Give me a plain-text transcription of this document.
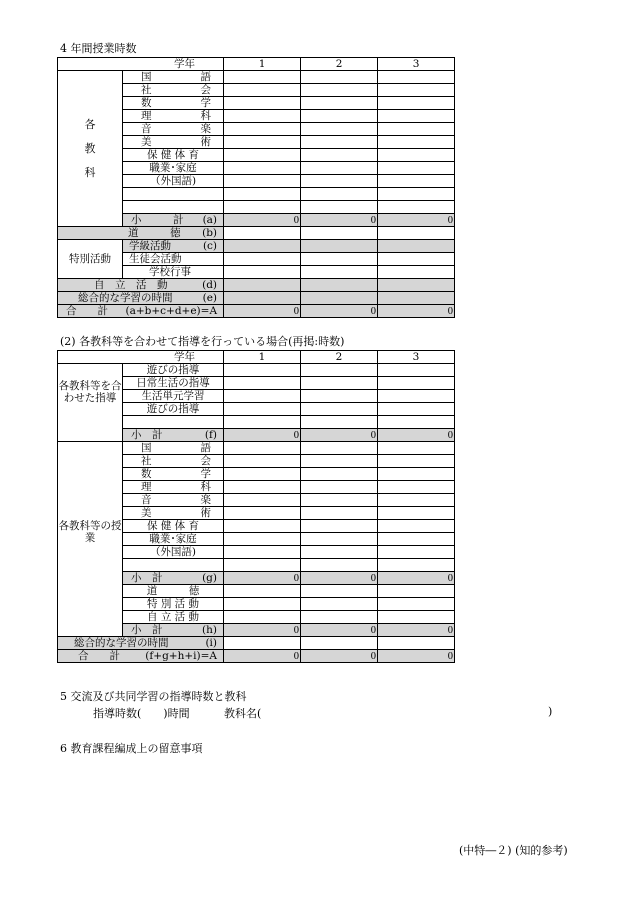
4 年間授業時数
学年		1	2	3

各
教
科	国　　語			
	社　　会			
	数　　学			
	理　　科			
	音　　楽			
	美　　術			
	保 健 体 育			
	職業･家庭			
	（外国語)			

	小　　　計 (a)	0	0	0

道　　　徳 (b)				

特別活動	学級活動 (c)			

	生徒会活動			

	学校行事			

自　立　活　動 (d)				

総合的な学習の時間 (e)				

合　　計 (a+b+c+d+e)=A		0	0	0
(2) 各教科等を合わせて指導を行っている場合(再掲:時数)
学年		1	2	3
各教科等を合わせた指導	遊びの指導			
	日常生活の指導			
	生活単元学習			
	遊びの指導			

	小　計 (f)	0	0	0
各教科等の授業	国　　語			
	社　　会			
	数　　学			
	理　　科			
	音　　楽			
	美　　術			
	保 健 体 育			
	職業･家庭			
	（外国語)			

	小　計 (g)	0	0	0
	道　　　徳			
	特 別 活 動			
	自 立 活 動			

	小　計 (h)	0	0	0

総合的な学習の時間 (i)				

合　　計 (f+g+h+i)=A		0	0	0
5 交流及び共同学習の指導時数と教科
指導時数(　　)時間	教科名(	)
6 教育課程編成上の留意事項
(中特―２) (知的参考)
